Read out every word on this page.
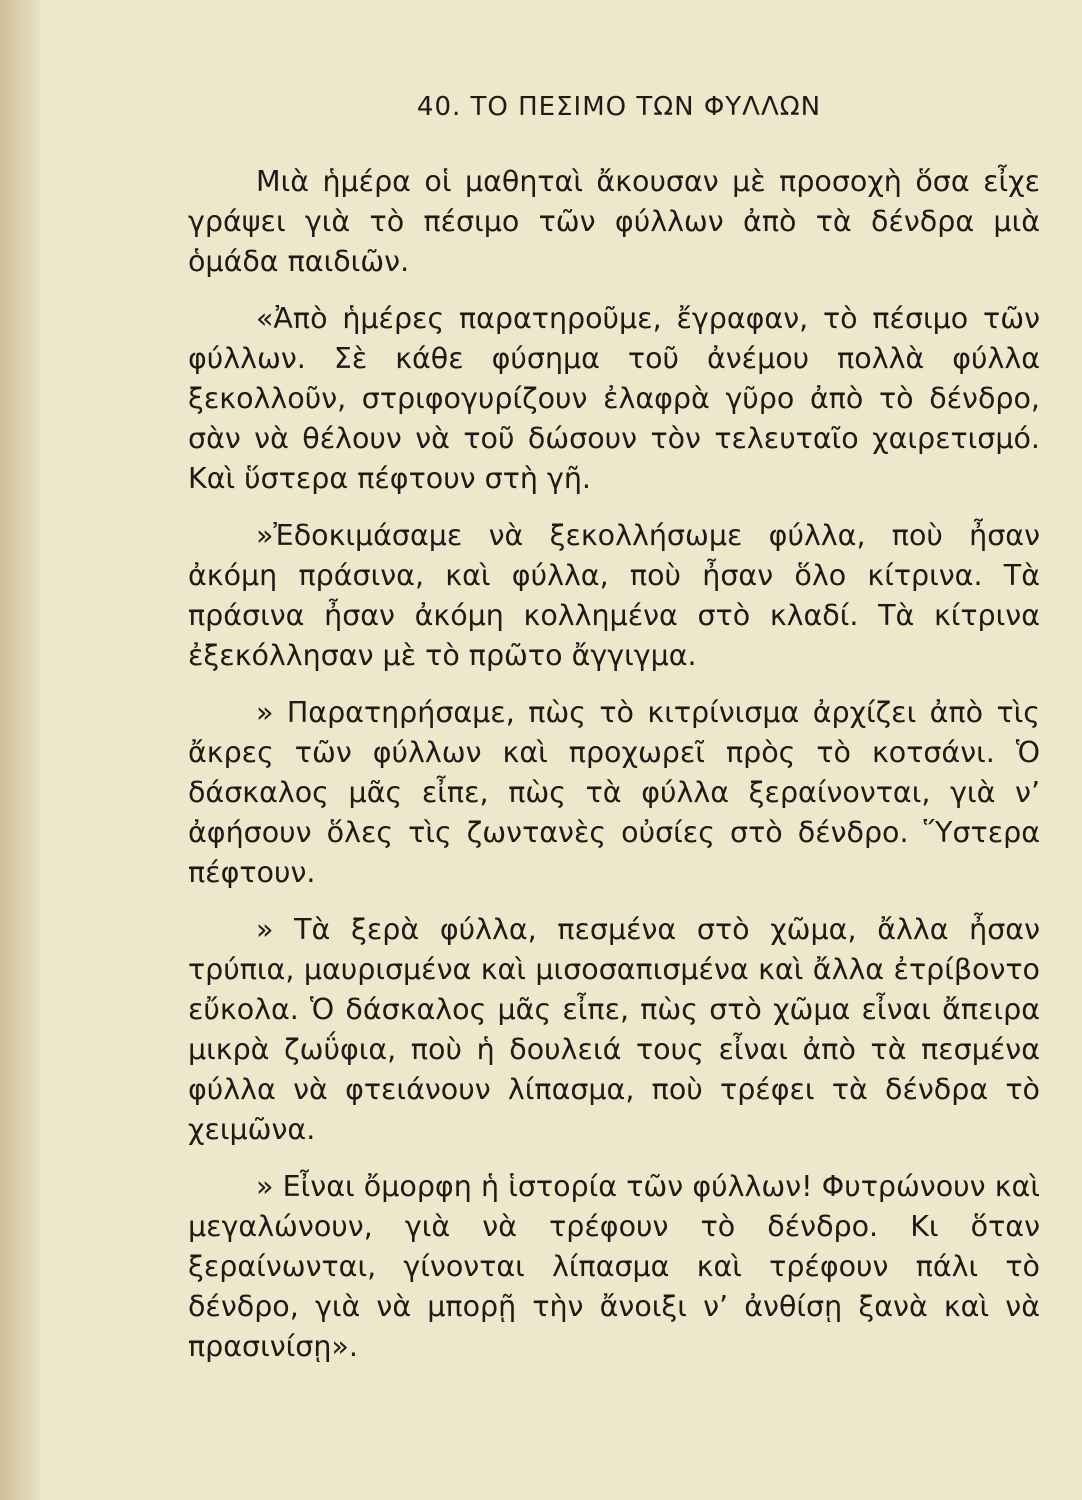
40. ΤΟ ΠΕΣΙΜΟ ΤΩΝ ΦΥΛΛΩΝ

Μιὰ ἡμέρα οἱ μαθηταὶ ἄκουσαν μὲ προσοχὴ ὅσα εἶχε γράψει γιὰ τὸ πέσιμο τῶν φύλλων ἀπὸ τὰ δένδρα μιὰ ὁμάδα παιδιῶν.

«Ἀπὸ ἡμέρες παρατηροῦμε, ἔγραφαν, τὸ πέσιμο τῶν φύλλων. Σὲ κάθε φύσημα τοῦ ἀνέμου πολλὰ φύλλα ξεκολλοῦν, στριφογυρίζουν ἐλαφρὰ γῦρο ἀπὸ τὸ δένδρο, σὰν νὰ θέλουν νὰ τοῦ δώσουν τὸν τελευταῖο χαιρετισμό. Καὶ ὕστερα πέφτουν στὴ γῆ.

»Ἐδοκιμάσαμε νὰ ξεκολλήσωμε φύλλα, ποὺ ἦσαν ἀκόμη πράσινα, καὶ φύλλα, ποὺ ἦσαν ὅλο κίτρινα. Τὰ πράσινα ἦσαν ἀκόμη κολλημένα στὸ κλαδί. Τὰ κίτρινα ἐξεκόλλησαν μὲ τὸ πρῶτο ἄγγιγμα.

» Παρατηρήσαμε, πὼς τὸ κιτρίνισμα ἀρχίζει ἀπὸ τὶς ἄκρες τῶν φύλλων καὶ προχωρεῖ πρὸς τὸ κοτσάνι. Ὁ δάσκαλος μᾶς εἶπε, πὼς τὰ φύλλα ξεραίνονται, γιὰ ν’ ἀφήσουν ὅλες τὶς ζωντανὲς οὐσίες στὸ δένδρο. Ὕστερα πέφτουν.

» Τὰ ξερὰ φύλλα, πεσμένα στὸ χῶμα, ἄλλα ἦσαν τρύπια, μαυρισμένα καὶ μισοσαπισμένα καὶ ἄλλα ἐτρίβοντο εὔκολα. Ὁ δάσκαλος μᾶς εἶπε, πὼς στὸ χῶμα εἶναι ἄπειρα μικρὰ ζωΰφια, ποὺ ἡ δουλειά τους εἶναι ἀπὸ τὰ πεσμένα φύλλα νὰ φτειάνουν λίπασμα, ποὺ τρέφει τὰ δένδρα τὸ χειμῶνα.

» Εἶναι ὄμορφη ἡ ἱστορία τῶν φύλλων! Φυτρώνουν καὶ μεγαλώνουν, γιὰ νὰ τρέφουν τὸ δένδρο. Κι ὅταν ξεραίνωνται, γίνονται λίπασμα καὶ τρέφουν πάλι τὸ δένδρο, γιὰ νὰ μπορῇ τὴν ἄνοιξι ν’ ἀνθίσῃ ξανὰ καὶ νὰ πρασινίσῃ».
